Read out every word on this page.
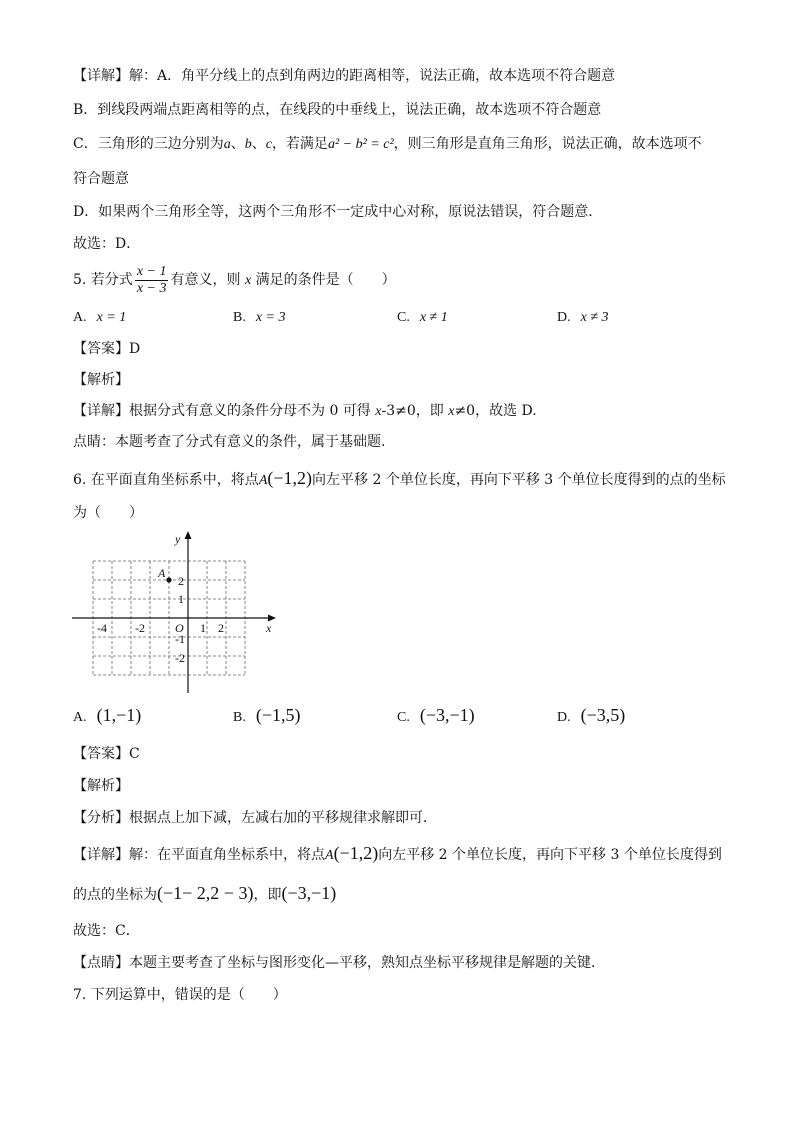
【详解】解：A．角平分线上的点到角两边的距离相等，说法正确，故本选项不符合题意
B．到线段两端点距离相等的点，在线段的中垂线上，说法正确，故本选项不符合题意
C．三角形的三边分别为a、b、c，若满足a² − b² = c²，则三角形是直角三角形，说法正确，故本选项不
符合题意
D．如果两个三角形全等，这两个三角形不一定成中心对称，原说法错误，符合题意．
故选：D．
5. 若分式 $\frac{x - 1}{x - 3}$ 有意义，则 x 满足的条件是（　　）
A. x = 1	B. x = 3	C. x ≠ 1	D. x ≠ 3
【答案】D
【解析】
【详解】根据分式有意义的条件分母不为 0 可得 x-3≠0，即 x≠0，故选 D.
点睛：本题考查了分式有意义的条件，属于基础题.
6. 在平面直角坐标系中，将点A(−1,2)向左平移 2 个单位长度，再向下平移 3 个单位长度得到的点的坐标
为（　　）
x
y
O
-4 -2	1 2
2
1
-1
-2
A
A. (1,−1)	B. (−1,5)	C. (−3,−1)	D. (−3,5)
【答案】C
【解析】
【分析】根据点上加下减，左减右加的平移规律求解即可．
【详解】解：在平面直角坐标系中，将点A(−1,2)向左平移 2 个单位长度，再向下平移 3 个单位长度得到
的点的坐标为(−1− 2,2 − 3)，即(−3,−1)
故选：C．
【点睛】本题主要考查了坐标与图形变化—平移，熟知点坐标平移规律是解题的关键．
7. 下列运算中，错误的是（　　）
